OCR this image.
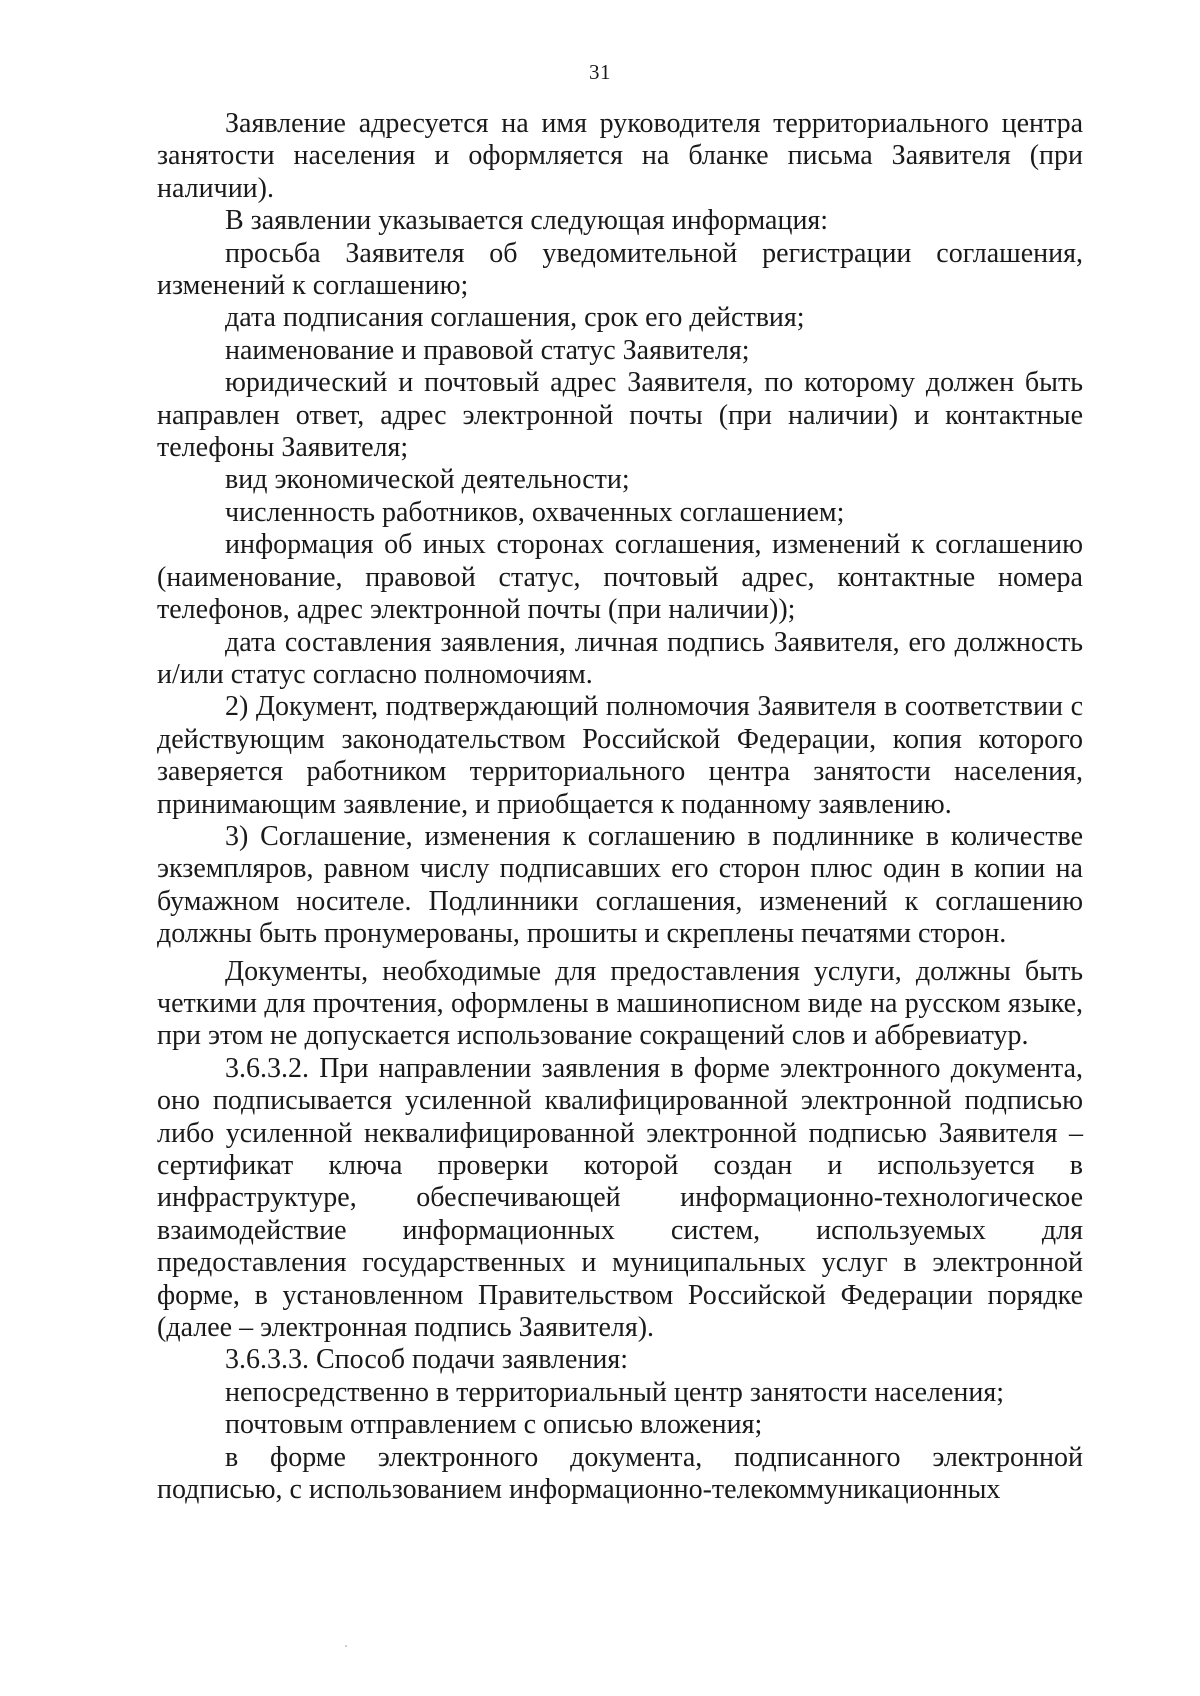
31

Заявление адресуется на имя руководителя территориального центра занятости населения и оформляется на бланке письма Заявителя (при наличии).

В заявлении указывается следующая информация:

просьба Заявителя об уведомительной регистрации соглашения, изменений к соглашению;

дата подписания соглашения, срок его действия;

наименование и правовой статус Заявителя;

юридический и почтовый адрес Заявителя, по которому должен быть направлен ответ, адрес электронной почты (при наличии) и контактные телефоны Заявителя;

вид экономической деятельности;

численность работников, охваченных соглашением;

информация об иных сторонах соглашения, изменений к соглашению (наименование, правовой статус, почтовый адрес, контактные номера телефонов, адрес электронной почты (при наличии));

дата составления заявления, личная подпись Заявителя, его должность и/или статус согласно полномочиям.

2) Документ, подтверждающий полномочия Заявителя в соответствии с действующим законодательством Российской Федерации, копия которого заверяется работником территориального центра занятости населения, принимающим заявление, и приобщается к поданному заявлению.

3) Соглашение, изменения к соглашению в подлиннике в количестве экземпляров, равном числу подписавших его сторон плюс один в копии на бумажном носителе. Подлинники соглашения, изменений к соглашению должны быть пронумерованы, прошиты и скреплены печатями сторон.

Документы, необходимые для предоставления услуги, должны быть четкими для прочтения, оформлены в машинописном виде на русском языке, при этом не допускается использование сокращений слов и аббревиатур.

3.6.3.2. При направлении заявления в форме электронного документа, оно подписывается усиленной квалифицированной электронной подписью либо усиленной неквалифицированной электронной подписью Заявителя – сертификат ключа проверки которой создан и используется в инфраструктуре, обеспечивающей информационно-технологическое взаимодействие информационных систем, используемых для предоставления государственных и муниципальных услуг в электронной форме, в установленном Правительством Российской Федерации порядке (далее – электронная подпись Заявителя).

3.6.3.3. Способ подачи заявления:

непосредственно в территориальный центр занятости населения;

почтовым отправлением с описью вложения;

в форме электронного документа, подписанного электронной подписью, с использованием информационно-телекоммуникационных
